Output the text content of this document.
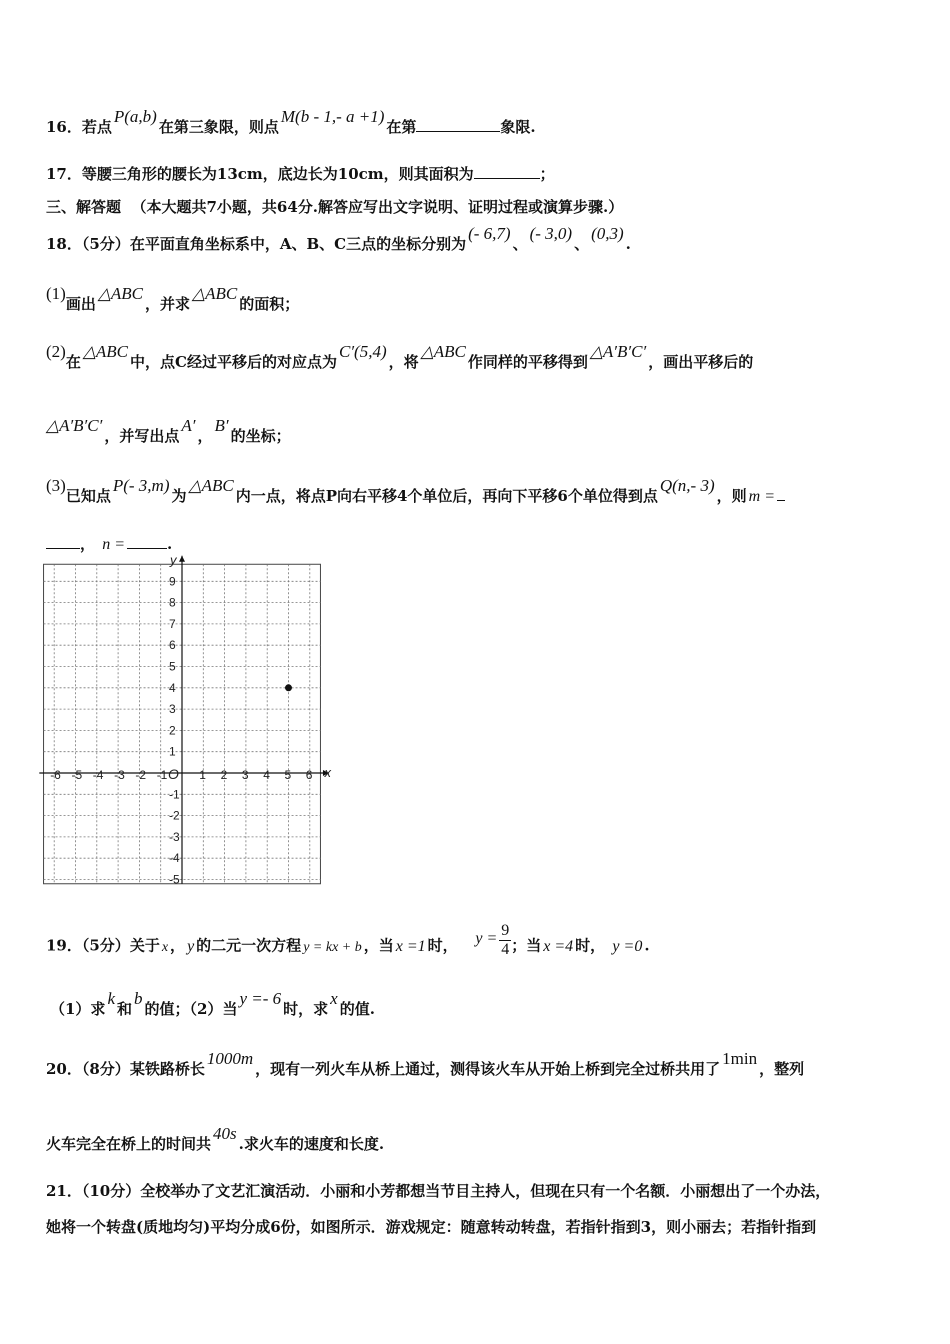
16．若点P(a,b)在第三象限，则点M(b - 1,- a +1)在第	象限.
17．等腰三角形的腰长为13cm，底边长为10cm，则其面积为	；
三、解答题 （本大题共7小题，共64分.解答应写出文字说明、证明过程或演算步骤.）
18．（5分）在平面直角坐标系中，A、B、C三点的坐标分别为(- 6,7)、(- 3,0)、(0,3).
(1)画出△ABC，并求△ABC的面积；
(2)在△ABC中，点C经过平移后的对应点为C′(5,4)，将△ABC作同样的平移得到△A′B′C′，画出平移后的
△A′B′C′，并写出点A′，B′的坐标；
(3)已知点P(- 3,m)为△ABC内一点，将点P向右平移4个单位后，再向下平移6个单位得到点Q(n,- 3)，则 m =
， n =	.
-6 -5 -4 -3 -2 -1	1 2 3 4 5 6
9
8
7
6
5
4
3
2
1
-1
-2
-3
-4
-5
O	x
y
19．（5分）关于 x ， y 的二元一次方程 y = kx + b ，当 x =1 时， $y = \frac{9}{4}$ ；当 x =4 时， y =0 .
（1）求k和b的值；（2）当y =- 6时，求x的值.
20．（8分）某铁路桥长1000m，现有一列火车从桥上通过，测得该火车从开始上桥到完全过桥共用了1min，整列
火车完全在桥上的时间共40s.求火车的速度和长度.
21．（10分）全校举办了文艺汇演活动．小丽和小芳都想当节目主持人，但现在只有一个名额．小丽想出了一个办法，
她将一个转盘(质地均匀)平均分成6份，如图所示．游戏规定：随意转动转盘，若指针指到3，则小丽去；若指针指到
